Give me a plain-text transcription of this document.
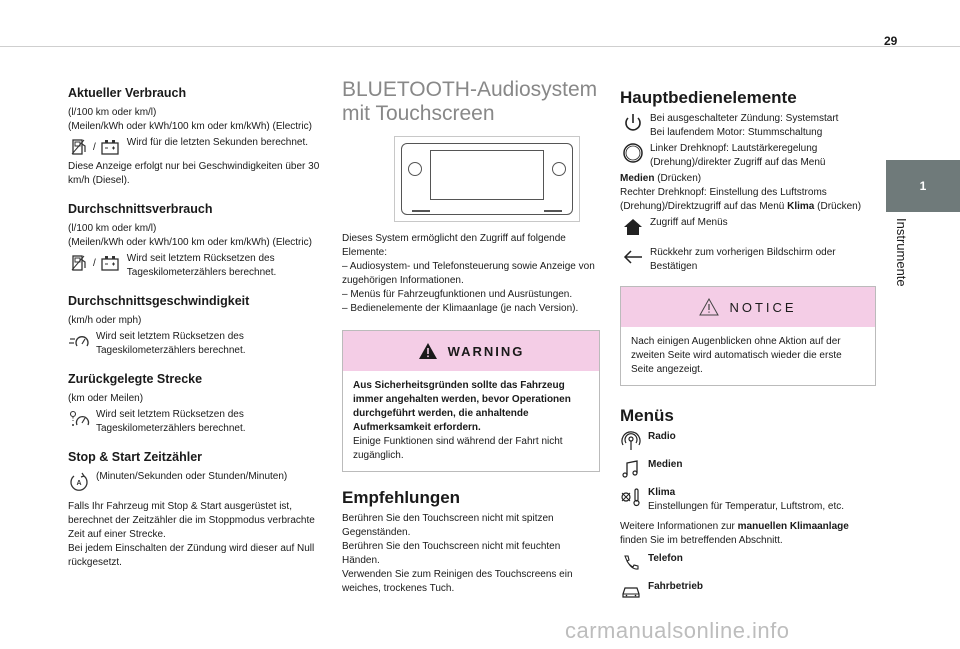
29
1
Instrumente
Aktueller Verbrauch

(l/100 km oder km/l)

(Meilen/kWh oder kWh/100 km oder km/kWh) (Electric)

/	Wird für die letzten Sekunden berechnet.

Diese Anzeige erfolgt nur bei Geschwindigkeiten über 30 km/h (Diesel).

Durchschnittsverbrauch

(l/100 km oder km/l)

(Meilen/kWh oder kWh/100 km oder km/kWh) (Electric)

/	Wird seit letztem Rücksetzen des Tageskilometerzählers berechnet.
Durchschnittsgeschwindigkeit

(km/h oder mph)

Wird seit letztem Rücksetzen des Tageskilometerzählers berechnet.
Zurückgelegte Strecke

(km oder Meilen)

Wird seit letztem Rücksetzen des Tageskilometerzählers berechnet.
Stop & Start Zeitzähler
A
(Minuten/Sekunden oder Stunden/Minuten)

Falls Ihr Fahrzeug mit Stop & Start ausgerüstet ist, berechnet der Zeitzähler die im Stoppmodus verbrachte Zeit auf einer Strecke.

Bei jedem Einschalten der Zündung wird dieser auf Null rückgesetzt.

BLUETOOTH-Audiosystem
mit Touchscreen

Dieses System ermöglicht den Zugriff auf folgende Elemente:

– Audiosystem- und Telefonsteuerung sowie Anzeige von zugehörigen Informationen.

– Menüs für Fahrzeugfunktionen und Ausrüstungen.

– Bedienelemente der Klimaanlage (je nach Version).

WARNING

Aus Sicherheitsgründen sollte das Fahrzeug immer angehalten werden, bevor Operationen durchgeführt werden, die anhaltende Aufmerksamkeit erfordern.

Einige Funktionen sind während der Fahrt nicht zugänglich.

Empfehlungen

Berühren Sie den Touchscreen nicht mit spitzen Gegenständen.

Berühren Sie den Touchscreen nicht mit feuchten Händen.

Verwenden Sie zum Reinigen des Touchscreens ein weiches, trockenes Tuch.

Hauptbedienelemente
Bei ausgeschalteter Zündung: Systemstart
Bei laufendem Motor: Stummschaltung
Linker Drehknopf: Lautstärkeregelung (Drehung)/direkter Zugriff auf das Menü

Medien (Drücken)

Rechter Drehknopf: Einstellung des Luftstroms (Drehung)/Direktzugriff auf das Menü Klima (Drücken)

Zugriff auf Menüs
Rückkehr zum vorherigen Bildschirm oder Bestätigen
NOTICE

Nach einigen Augenblicken ohne Aktion auf der zweiten Seite wird automatisch wieder die erste Seite angezeigt.

Menüs
Radio
Medien
Klima
Einstellungen für Temperatur, Luftstrom, etc.

Weitere Informationen zur manuellen Klimaanlage finden Sie im betreffenden Abschnitt.

Telefon
Fahrbetrieb
carmanualsonline.info
